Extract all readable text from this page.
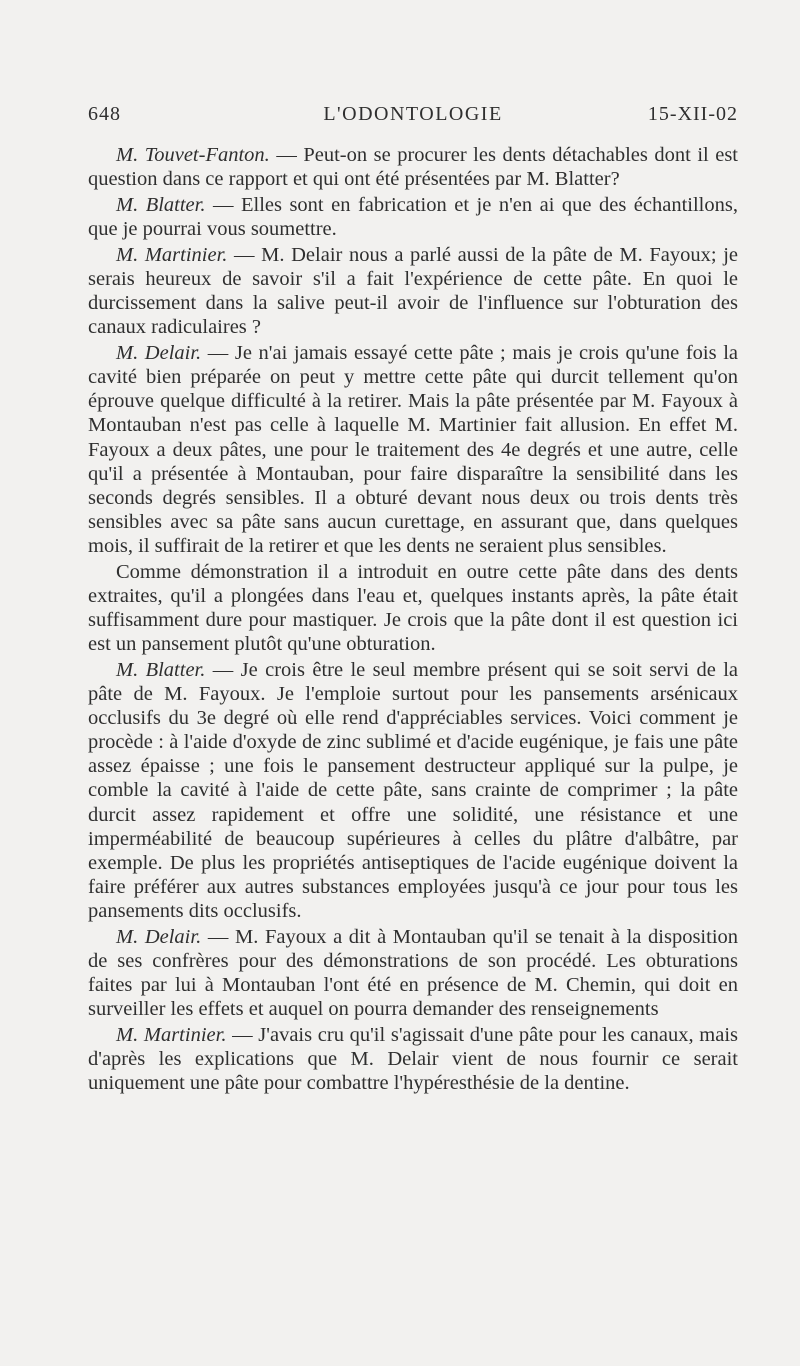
648	L'ODONTOLOGIE	15-XII-02

M. Touvet-Fanton. — Peut-on se procurer les dents détachables dont il est question dans ce rapport et qui ont été présentées par M. Blatter?

M. Blatter. — Elles sont en fabrication et je n'en ai que des échantillons, que je pourrai vous soumettre.

M. Martinier. — M. Delair nous a parlé aussi de la pâte de M. Fayoux; je serais heureux de savoir s'il a fait l'expérience de cette pâte. En quoi le durcissement dans la salive peut-il avoir de l'influence sur l'obturation des canaux radiculaires ?

M. Delair. — Je n'ai jamais essayé cette pâte ; mais je crois qu'une fois la cavité bien préparée on peut y mettre cette pâte qui durcit tellement qu'on éprouve quelque difficulté à la retirer. Mais la pâte présentée par M. Fayoux à Montauban n'est pas celle à laquelle M. Martinier fait allusion. En effet M. Fayoux a deux pâtes, une pour le traitement des 4e degrés et une autre, celle qu'il a présentée à Montauban, pour faire disparaître la sensibilité dans les seconds degrés sensibles. Il a obturé devant nous deux ou trois dents très sensibles avec sa pâte sans aucun curettage, en assurant que, dans quelques mois, il suffirait de la retirer et que les dents ne seraient plus sensibles.

Comme démonstration il a introduit en outre cette pâte dans des dents extraites, qu'il a plongées dans l'eau et, quelques instants après, la pâte était suffisamment dure pour mastiquer. Je crois que la pâte dont il est question ici est un pansement plutôt qu'une obturation.

M. Blatter. — Je crois être le seul membre présent qui se soit servi de la pâte de M. Fayoux. Je l'emploie surtout pour les pansements arsénicaux occlusifs du 3e degré où elle rend d'appréciables services. Voici comment je procède : à l'aide d'oxyde de zinc sublimé et d'acide eugénique, je fais une pâte assez épaisse ; une fois le pansement destructeur appliqué sur la pulpe, je comble la cavité à l'aide de cette pâte, sans crainte de comprimer ; la pâte durcit assez rapidement et offre une solidité, une résistance et une imperméabilité de beaucoup supérieures à celles du plâtre d'albâtre, par exemple. De plus les propriétés antiseptiques de l'acide eugénique doivent la faire préférer aux autres substances employées jusqu'à ce jour pour tous les pansements dits occlusifs.

M. Delair. — M. Fayoux a dit à Montauban qu'il se tenait à la disposition de ses confrères pour des démonstrations de son procédé. Les obturations faites par lui à Montauban l'ont été en présence de M. Chemin, qui doit en surveiller les effets et auquel on pourra demander des renseignements

M. Martinier. — J'avais cru qu'il s'agissait d'une pâte pour les canaux, mais d'après les explications que M. Delair vient de nous fournir ce serait uniquement une pâte pour combattre l'hypéresthésie de la dentine.
